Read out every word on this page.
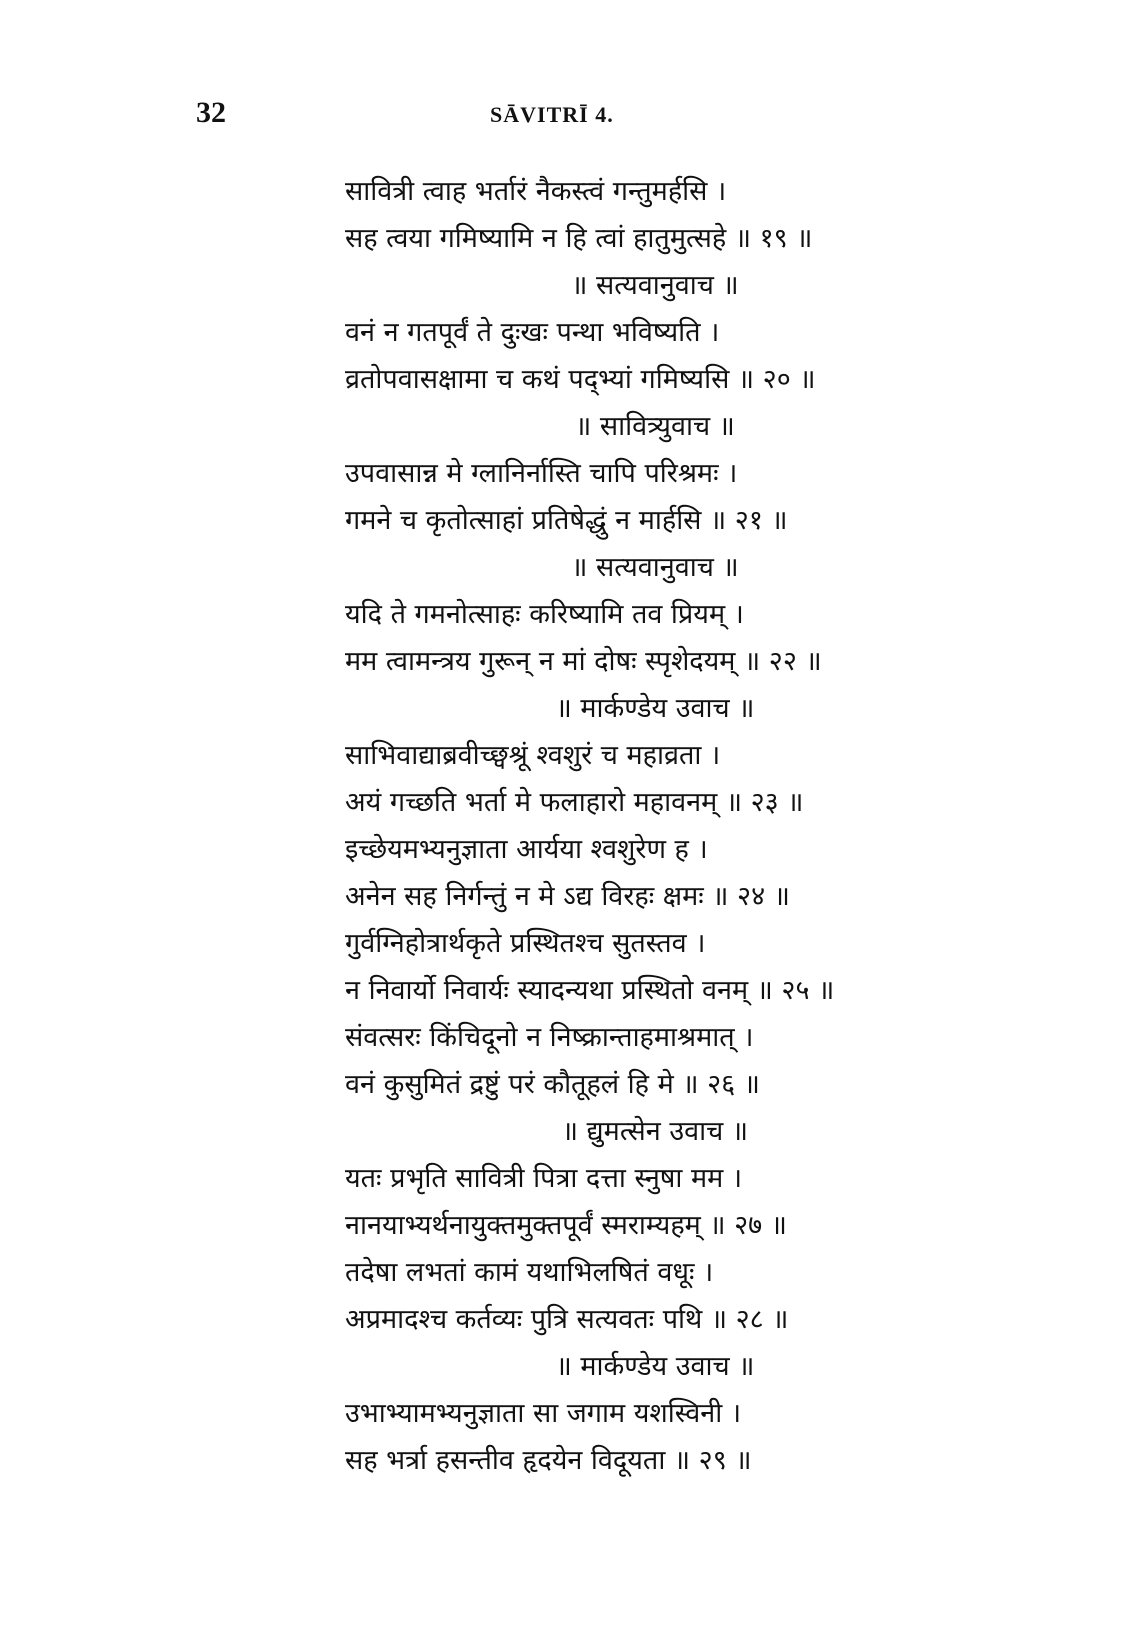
32	SĀVITRĪ 4.
सावित्री त्वाह भर्तारं नैकस्त्वं गन्तुमर्हसि ।
सह त्वया गमिष्यामि न हि त्वां हातुमुत्सहे ॥ १९ ॥
॥ सत्यवानुवाच ॥
वनं न गतपूर्वं ते दुःखः पन्था भविष्यति ।
व्रतोपवासक्षामा च कथं पद्भ्यां गमिष्यसि ॥ २० ॥
॥ सावित्र्युवाच ॥
उपवासान्न मे ग्लानिर्नास्ति चापि परिश्रमः ।
गमने च कृतोत्साहां प्रतिषेद्धुं न मार्हसि ॥ २१ ॥
॥ सत्यवानुवाच ॥
यदि ते गमनोत्साहः करिष्यामि तव प्रियम् ।
मम त्वामन्त्रय गुरून् न मां दोषः स्पृशेदयम् ॥ २२ ॥
॥ मार्कण्डेय उवाच ॥
साभिवाद्याब्रवीच्छ्वश्रूं श्वशुरं च महाव्रता ।
अयं गच्छति भर्ता मे फलाहारो महावनम् ॥ २३ ॥
इच्छेयमभ्यनुज्ञाता आर्यया श्वशुरेण ह ।
अनेन सह निर्गन्तुं न मे ऽद्य विरहः क्षमः ॥ २४ ॥
गुर्वग्निहोत्रार्थकृते प्रस्थितश्च सुतस्तव ।
न निवार्यो निवार्यः स्यादन्यथा प्रस्थितो वनम् ॥ २५ ॥
संवत्सरः किंचिदूनो न निष्क्रान्ताहमाश्रमात् ।
वनं कुसुमितं द्रष्टुं परं कौतूहलं हि मे ॥ २६ ॥
॥ द्युमत्सेन उवाच ॥
यतः प्रभृति सावित्री पित्रा दत्ता स्नुषा मम ।
नानयाभ्यर्थनायुक्तमुक्तपूर्वं स्मराम्यहम् ॥ २७ ॥
तदेषा लभतां कामं यथाभिलषितं वधूः ।
अप्रमादश्च कर्तव्यः पुत्रि सत्यवतः पथि ॥ २८ ॥
॥ मार्कण्डेय उवाच ॥
उभाभ्यामभ्यनुज्ञाता सा जगाम यशस्विनी ।
सह भर्त्रा हसन्तीव हृदयेन विदूयता ॥ २९ ॥
